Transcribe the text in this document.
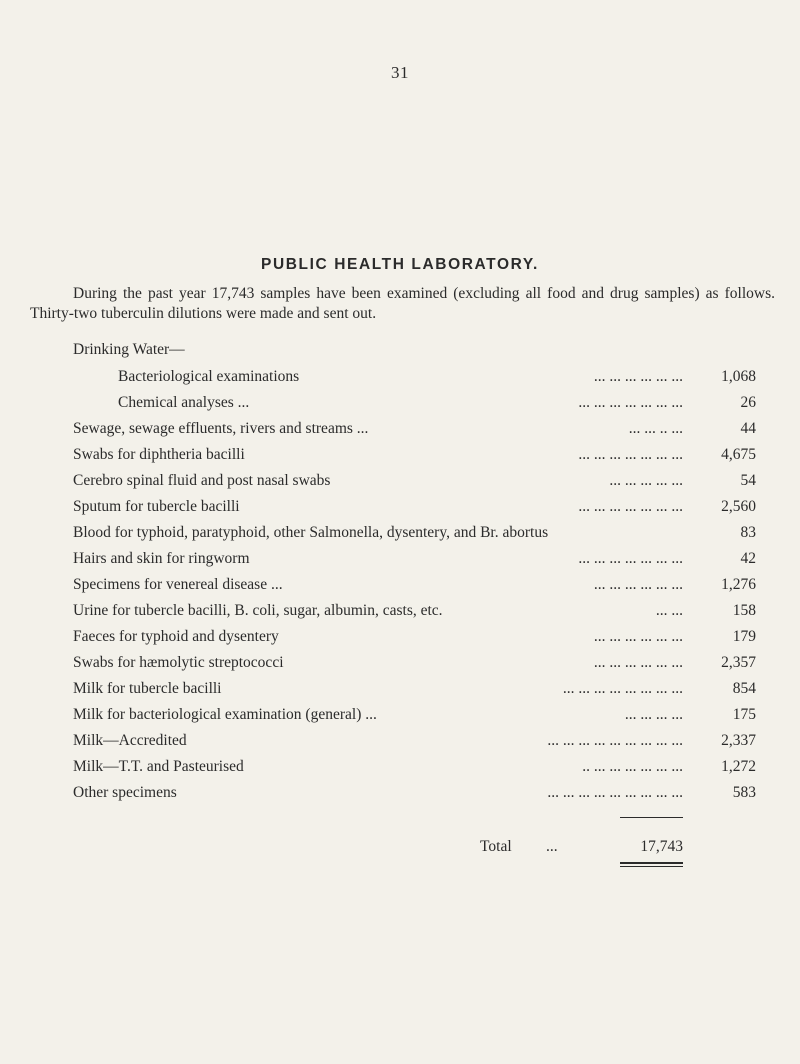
31
PUBLIC HEALTH LABORATORY.
During the past year 17,743 samples have been examined (excluding all food and drug samples) as follows. Thirty-two tuberculin dilutions were made and sent out.
Drinking Water—
Bacteriological examinations	... ... ... ... ... ...	1,068
Chemical analyses ...	... ... ... ... ... ... ...	26
Sewage, sewage effluents, rivers and streams ...	... ... .. ...	44
Swabs for diphtheria bacilli	... ... ... ... ... ... ...	4,675
Cerebro spinal fluid and post nasal swabs	... ... ... ... ...	54
Sputum for tubercle bacilli	... ... ... ... ... ... ...	2,560
Blood for typhoid, paratyphoid, other Salmonella, dysentery, and Br. abortus	83
Hairs and skin for ringworm	... ... ... ... ... ... ...	42
Specimens for venereal disease ...	... ... ... ... ... ...	1,276
Urine for tubercle bacilli, B. coli, sugar, albumin, casts, etc.	... ...	158
Faeces for typhoid and dysentery	... ... ... ... ... ...	179
Swabs for hæmolytic streptococci	... ... ... ... ... ...	2,357
Milk for tubercle bacilli	... ... ... ... ... ... ... ...	854
Milk for bacteriological examination (general) ...	... ... ... ...	175
Milk—Accredited	... ... ... ... ... ... ... ... ...	2,337
Milk—T.T. and Pasteurised	.. ... ... ... ... ... ...	1,272
Other specimens	... ... ... ... ... ... ... ... ...	583
Total ...	17,743
